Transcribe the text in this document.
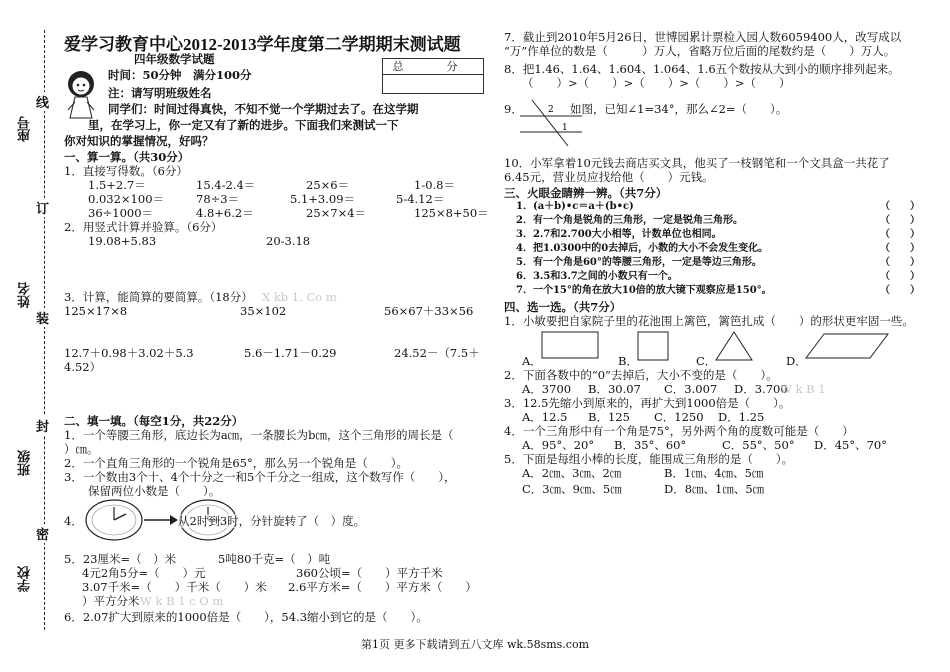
线
订
装
封
密
座号
姓名
班级
学校
爱学习教育中心2012-2013学年度第二学期期末测试题
四年级数学试题
时间：50分钟　满分100分
注：请写明班级姓名
总　分
同学们：时间过得真快，不知不觉一个学期过去了。在这学期
里，在学习上，你一定又有了新的进步。下面我们来测试一下
你对知识的掌握情况，好吗？
一、算一算。（共30分）
1．直接写得数。（6分）
1.5+2.7＝	15.4-2.4＝	25×6＝	1-0.8＝
0.032×100＝	78÷3＝	5.1+3.09＝	5-4.12＝
36÷1000＝	4.8+6.2＝	25×7×4＝	125×8+50＝
2．用竖式计算并验算。（6分）
19.08+5.83	20-3.18
3．计算，能简算的要简算。（18分） X kb 1. Co m
125×17×8	35×102	56×67＋33×56
12.7＋0.98＋3.02＋5.3	5.6－1.71－0.29	24.52－（7.5＋
4.52）
二、填一填。（每空1分，共22分）
1．一个等腰三角形，底边长为a㎝，一条腰长为b㎝，这个三角形的周长是（
）㎝。
2．一个直角三角形的一个锐角是65°，那么另一个锐角是（　　）。
3．一个数由3个十、4个十分之一和5个千分之一组成，这个数写作（　　），
保留两位小数是（　　）。
4．	从2时到3时，分针旋转了（　）度。
5．23厘米=（　）米	5吨80千克=（　）吨
4元2角5分=（　　）元	360公顷=（　　）平方千米
3.07千米=（　　）千米（　　）米 2.6平方米=（　　）平方米（　　）
）平方分米 W k B 1 c O m
6．2.07扩大到原来的1000倍是（　　），54.3缩小到它的是（　　）。
7．截止到2010年5月26日，世博园累计票检入园人数6059400人，改写成以
“万”作单位的数是（　　　）万人，省略万位后面的尾数约是（　　）万人。
8．把1.46、1.64、1.604、1.064、1.6五个数按从大到小的顺序排列起来。
（　　）>（　　）>（　　）>（　　）>（　　）
9．	2
1
如图，已知∠1=34°，那么∠2=（　　）。
10．小军拿着10元钱去商店买文具，他买了一枝钢笔和一个文具盒一共花了
6.45元，营业员应找给他（　　）元钱。
三、火眼金睛辨一辨。（共7分）
1．(a＋b)•c＝a＋(b•c)	（　　）
2．有一个角是锐角的三角形，一定是锐角三角形。	（　　）
3．2.7和2.700大小相等，计数单位也相同。	（　　）
4．把1.0300中的0去掉后，小数的大小不会发生变化。	（　　）
5．有一个角是60°的等腰三角形，一定是等边三角形。	（　　）
6．3.5和3.7之间的小数只有一个。	（　　）
7．一个15°的角在放大10倍的放大镜下观察应是150°。	（　　）
四、选一选。（共7分）
1．小敏要把自家院子里的花池围上篱笆，篱笆扎成（　　）的形状更牢固一些。
A．	B．	C．	D．
2．下面各数中的“0”去掉后，大小不变的是（　　）。
A．3700 B．30.07 C．3.007 D．3.700
W k B 1
3．12.5先缩小到原来的，再扩大到1000倍是（　　）。
A．12.5 B．125 C．1250 D．1.25
4．一个三角形中有一个角是75°，另外两个角的度数可能是（　　）
A．95°、20° B．35°、60°	C．55°、50° D．45°、70°
5．下面是每组小棒的长度，能围成三角形的是（　　）。
A．2㎝、3㎝、2㎝	B．1㎝、4㎝、5㎝
C．3㎝、9㎝、5㎝	D．8㎝、1㎝、5㎝
第1页 更多下载请到五八文库 wk.58sms.com
